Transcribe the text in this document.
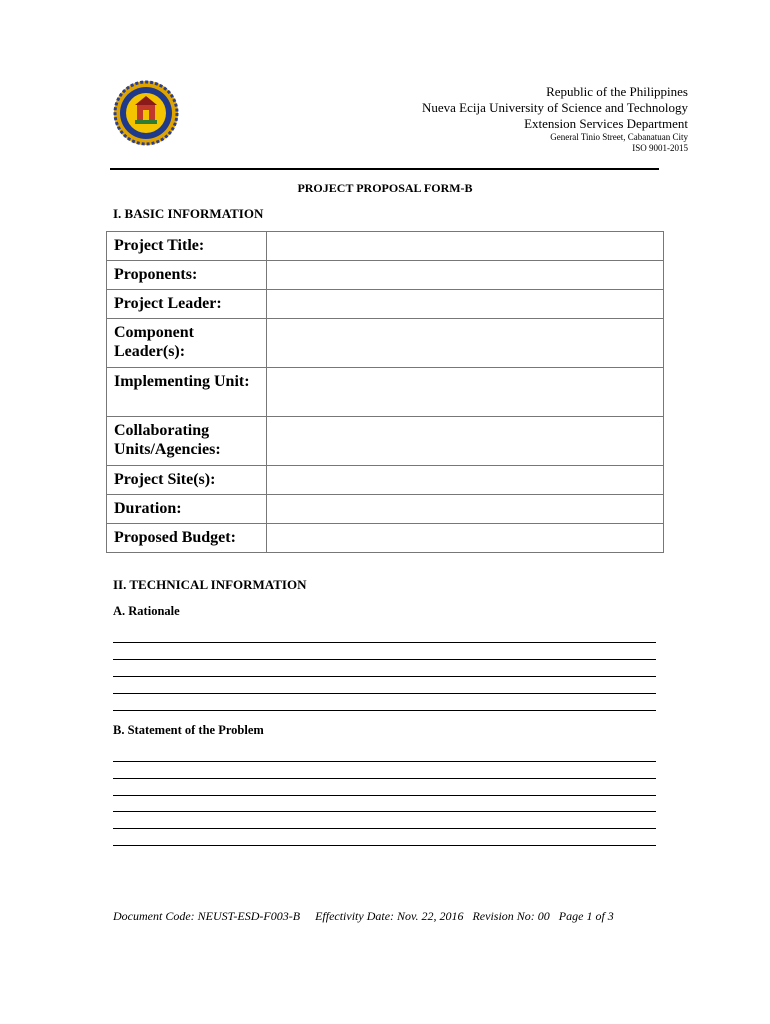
Republic of the Philippines
Nueva Ecija University of Science and Technology
Extension Services Department
General Tinio Street, Cabanatuan City
ISO 9001-2015
PROJECT PROPOSAL FORM-B
I. BASIC INFORMATION
Project Title:	
Proponents:	
Project Leader:	
Component Leader(s):	
Implementing Unit:	
Collaborating Units/Agencies:	
Project Site(s):	
Duration:	
Proposed Budget:	
II. TECHNICAL INFORMATION
A. Rationale
B. Statement of the Problem
Document Code: NEUST-ESD-F003-B     Effectivity Date: Nov. 22, 2016   Revision No: 00   Page 1 of 3
